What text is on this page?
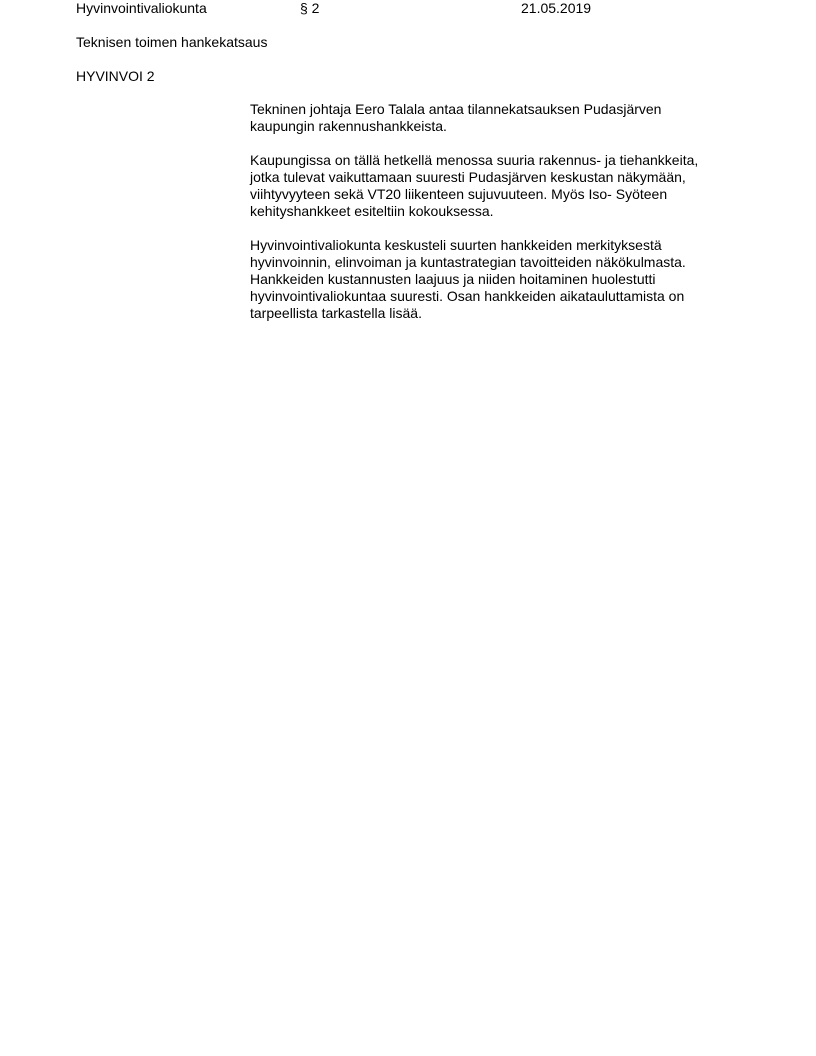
Hyvinvointivaliokunta	§ 2	21.05.2019
Teknisen toimen hankekatsaus
HYVINVOI 2

Tekninen johtaja Eero Talala antaa tilannekatsauksen Pudasjärven
kaupungin rakennushankkeista.

Kaupungissa on tällä hetkellä menossa suuria rakennus- ja tiehankkeita,
jotka tulevat vaikuttamaan suuresti Pudasjärven keskustan näkymään,
viihtyvyyteen sekä VT20 liikenteen sujuvuuteen. Myös Iso- Syöteen
kehityshankkeet esiteltiin kokouksessa.

Hyvinvointivaliokunta keskusteli suurten hankkeiden merkityksestä
hyvinvoinnin, elinvoiman ja kuntastrategian tavoitteiden näkökulmasta.
Hankkeiden kustannusten laajuus ja niiden hoitaminen huolestutti
hyvinvointivaliokuntaa suuresti. Osan hankkeiden aikatauluttamista on
tarpeellista tarkastella lisää.
